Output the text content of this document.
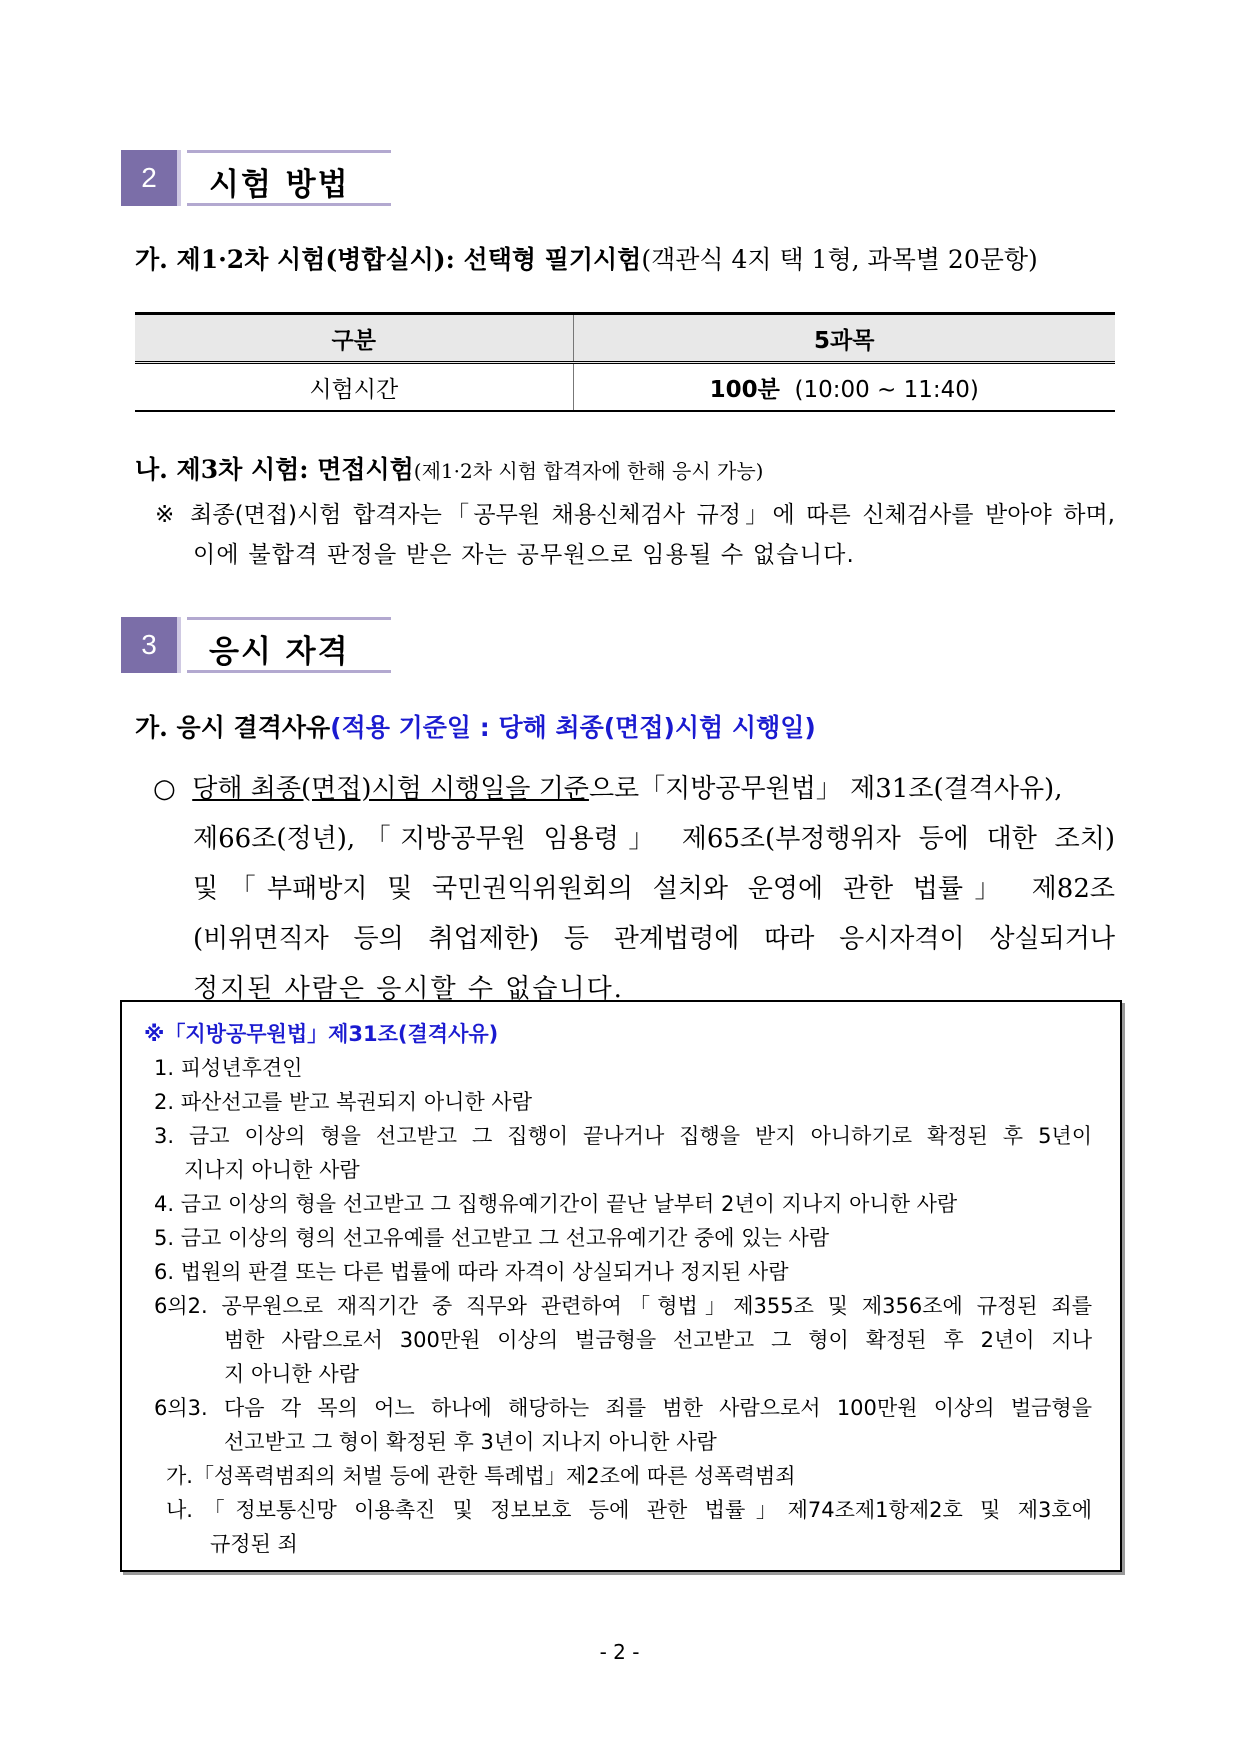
2	시험 방법
가. 제1·2차 시험(병합실시): 선택형 필기시험(객관식 4지 택 1형, 과목별 20문항)
구분	5과목
시험시간	100분 (10:00 ~ 11:40)
나. 제3차 시험: 면접시험(제1·2차 시험 합격자에 한해 응시 가능)
※ 최종(면접)시험 합격자는「공무원 채용신체검사 규정」에 따른 신체검사를 받아야 하며,
이에 불합격 판정을 받은 자는 공무원으로 임용될 수 없습니다.
3	응시 자격
가. 응시 결격사유(적용 기준일 : 당해 최종(면접)시험 시행일)
○ 당해 최종(면접)시험 시행일을 기준으로「지방공무원법」 제31조(결격사유),
제66조(정년),「지방공무원 임용령」 제65조(부정행위자 등에 대한 조치)
및「부패방지 및 국민권익위원회의 설치와 운영에 관한 법률」 제82조
(비위면직자 등의 취업제한) 등 관계법령에 따라 응시자격이 상실되거나
정지된 사람은 응시할 수 없습니다.
※「지방공무원법」제31조(결격사유)
1. 피성년후견인
2. 파산선고를 받고 복권되지 아니한 사람
3. 금고 이상의 형을 선고받고 그 집행이 끝나거나 집행을 받지 아니하기로 확정된 후 5년이
지나지 아니한 사람
4. 금고 이상의 형을 선고받고 그 집행유예기간이 끝난 날부터 2년이 지나지 아니한 사람
5. 금고 이상의 형의 선고유예를 선고받고 그 선고유예기간 중에 있는 사람
6. 법원의 판결 또는 다른 법률에 따라 자격이 상실되거나 정지된 사람
6의2. 공무원으로 재직기간 중 직무와 관련하여「형법」제355조 및 제356조에 규정된 죄를
범한 사람으로서 300만원 이상의 벌금형을 선고받고 그 형이 확정된 후 2년이 지나
지 아니한 사람
6의3. 다음 각 목의 어느 하나에 해당하는 죄를 범한 사람으로서 100만원 이상의 벌금형을
선고받고 그 형이 확정된 후 3년이 지나지 아니한 사람
가.「성폭력범죄의 처벌 등에 관한 특례법」제2조에 따른 성폭력범죄
나.「정보통신망 이용촉진 및 정보보호 등에 관한 법률」제74조제1항제2호 및 제3호에
규정된 죄
- 2 -
